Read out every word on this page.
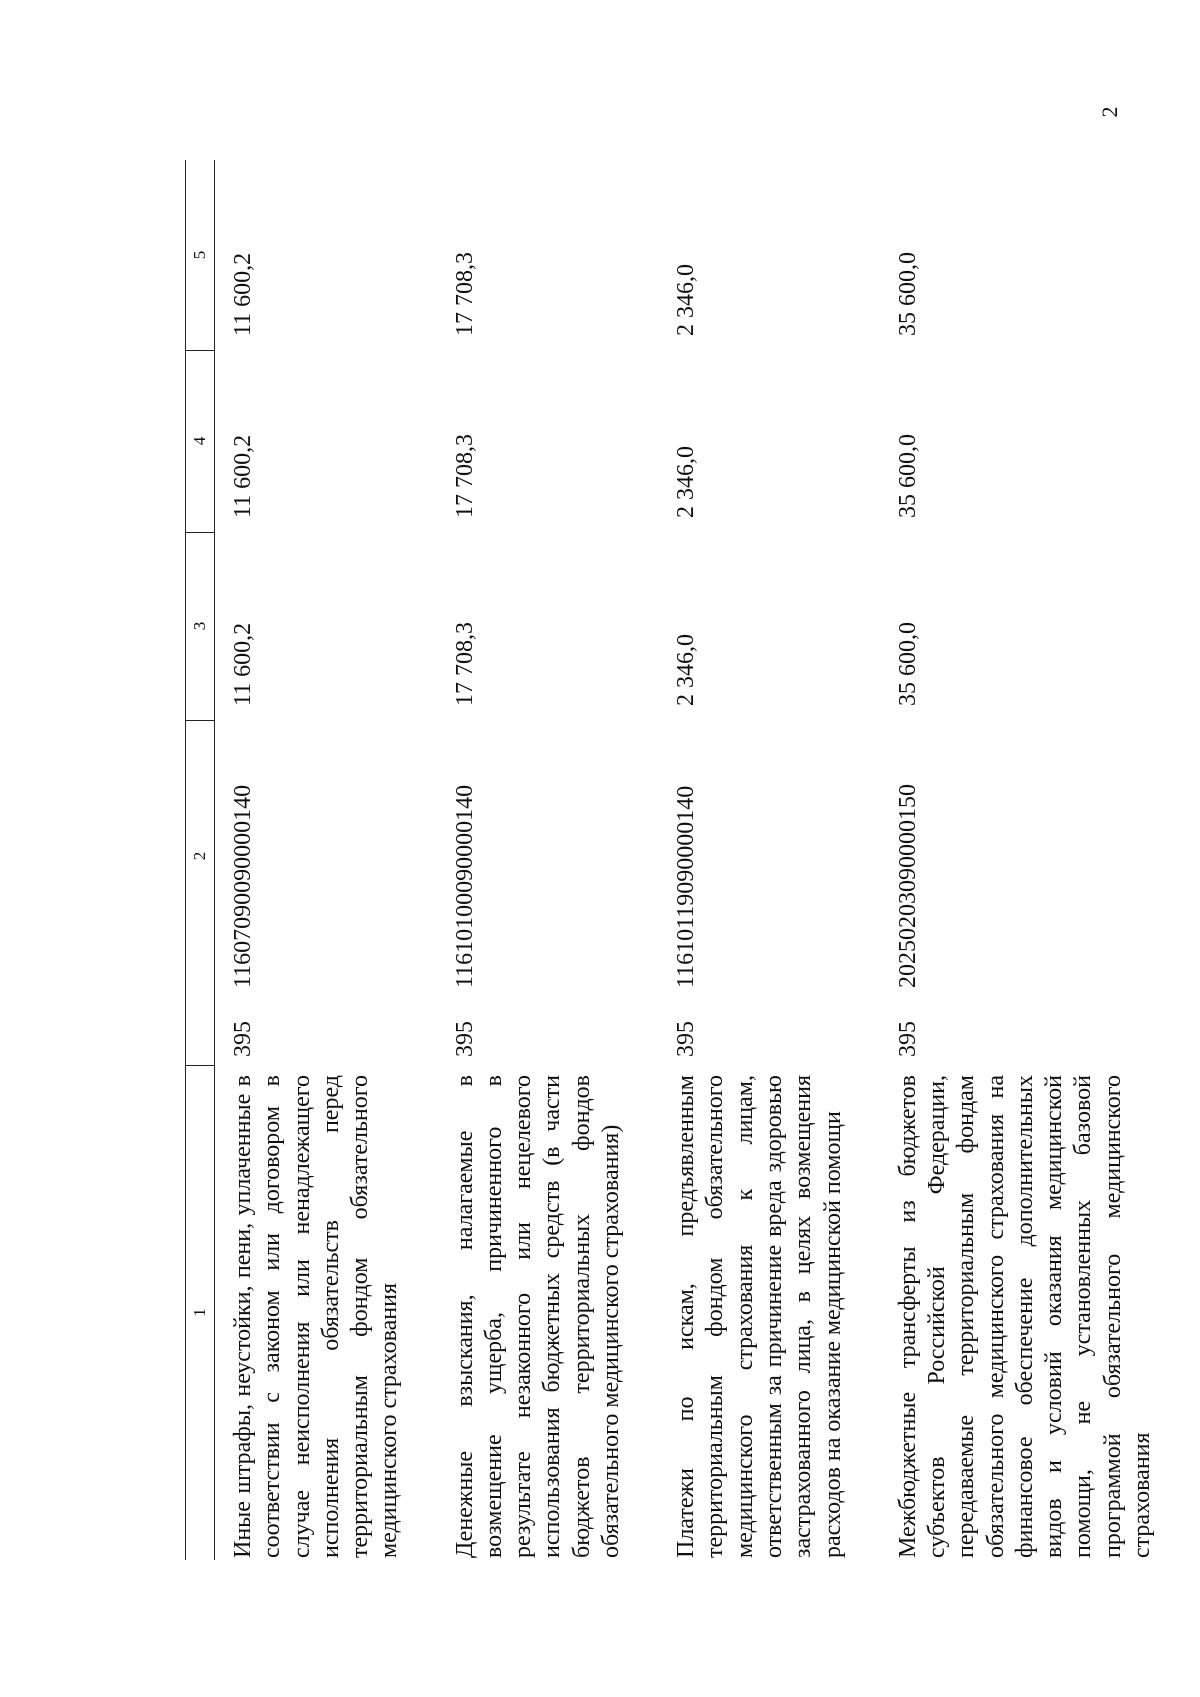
2
1		2	3	4	5

Иные штрафы, неустойки, пени, уплаченные в соответствии с законом или договором в случае неисполнения или ненадлежащего исполнения обязательств перед территориальным фондом обязательного медицинского страхования	395	11607090090000140	11 600,2	11 600,2	11 600,2

Денежные взыскания, налагаемые в возмещение ущерба, причиненного в результате незаконного или нецелевого использования бюджетных средств (в части бюджетов территориальных фондов обязательного медицинского страхования)	395	11610100090000140	17 708,3	17 708,3	17 708,3

Платежи по искам, предъявленным территориальным фондом обязательного медицинского страхования к лицам, ответственным за причинение вреда здоровью застрахованного лица, в целях возмещения расходов на оказание медицинской помощи	395	11610119090000140	2 346,0	2 346,0	2 346,0

Межбюджетные трансферты из бюджетов субъектов Российской Федерации, передаваемые территориальным фондам обязательного медицинского страхования на финансовое обеспечение дополнительных видов и условий оказания медицинской помощи, не установленных базовой программой обязательного медицинского страхования	395	20250203090000150	35 600,0	35 600,0	35 600,0
